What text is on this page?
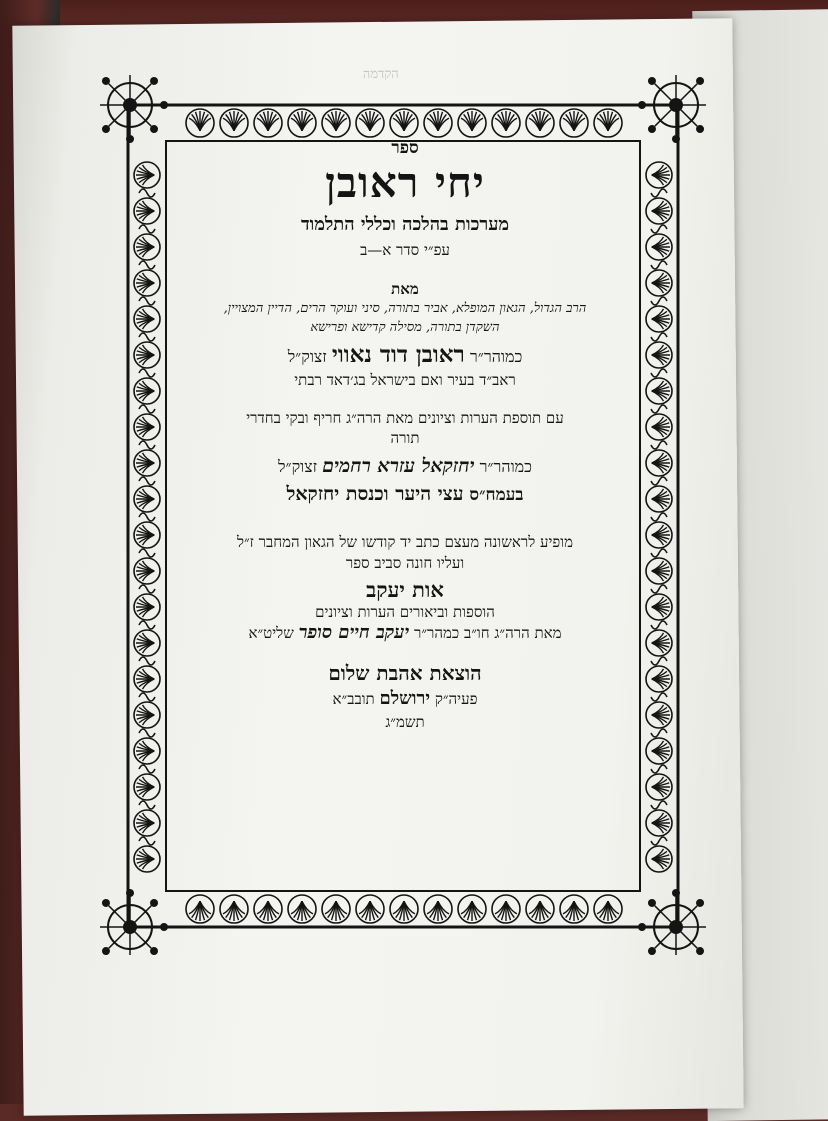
הקדמה
ספר
יחי ראובן
מערכות בהלכה וכללי התלמוד
עפ״י סדר א—ב
מאת
הרב הגדול, הגאון המופלא, אביר בתורה, סיני ועוקר הרים, הדיין המצויין,
השקדן בתורה, מסילה קדישא ופרישא
כמוהר״ר ראובן דוד נאווי זצוק״ל
ראב״ד בעיר ואם בישראל בג׳דאד רבתי
עם תוספת הערות וציונים מאת הרה״ג חריף ובקי בחדרי
תורה
כמוהר״ר יחזקאל עזרא רחמים זצוק״ל
בעמח״ס עצי היער וכנסת יחזקאל
מופיע לראשונה מעצם כתב יד קודשו של הגאון המחבר ז״ל
ועליו חונה סביב ספר
אות יעקב
הוספות וביאורים הערות וציונים
מאת הרה״ג חו״ב כמהר״ר יעקב חיים סופר שליט״א
הוצאת אהבת שלום
פעיה״ק ירושלם תובב״א
תשמ״ג
